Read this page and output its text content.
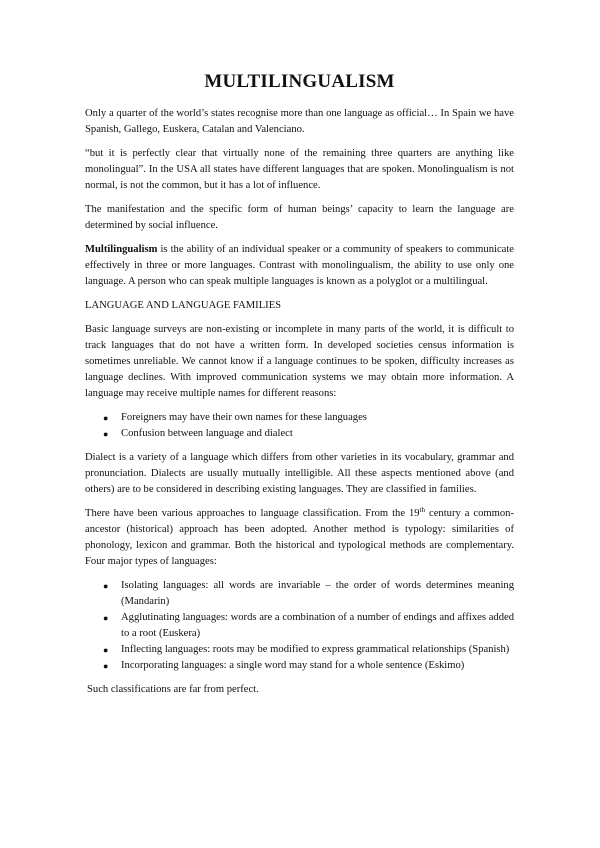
MULTILINGUALISM

Only a quarter of the world’s states recognise more than one language as official… In Spain we have Spanish, Gallego, Euskera, Catalan and Valenciano.

“but it is perfectly clear that virtually none of the remaining three quarters are anything like monolingual”. In the USA all states have different languages that are spoken. Monolingualism is not normal, is not the common, but it has a lot of influence.

The manifestation and the specific form of human beings’ capacity to learn the language are determined by social influence.

Multilingualism is the ability of an individual speaker or a community of speakers to communicate effectively in three or more languages. Contrast with monolingualism, the ability to use only one language. A person who can speak multiple languages is known as a polyglot or a multilingual.

LANGUAGE AND LANGUAGE FAMILIES

Basic language surveys are non-existing or incomplete in many parts of the world, it is difficult to track languages that do not have a written form. In developed societies census information is sometimes unreliable. We cannot know if a language continues to be spoken, difficulty increases as language declines. With improved communication systems we may obtain more information. A language may receive multiple names for different reasons:

● Foreigners may have their own names for these languages
● Confusion between language and dialect

Dialect is a variety of a language which differs from other varieties in its vocabulary, grammar and pronunciation. Dialects are usually mutually intelligible. All these aspects mentioned above (and others) are to be considered in describing existing languages. They are classified in families.

There have been various approaches to language classification. From the 19th century a common-ancestor (historical) approach has been adopted. Another method is typology: similarities of phonology, lexicon and grammar. Both the historical and typological methods are complementary. Four major types of languages:

● Isolating languages: all words are invariable – the order of words determines meaning (Mandarin)
● Agglutinating languages: words are a combination of a number of endings and affixes added to a root (Euskera)
● Inflecting languages: roots may be modified to express grammatical relationships (Spanish)
● Incorporating languages: a single word may stand for a whole sentence (Eskimo)

Such classifications are far from perfect.
